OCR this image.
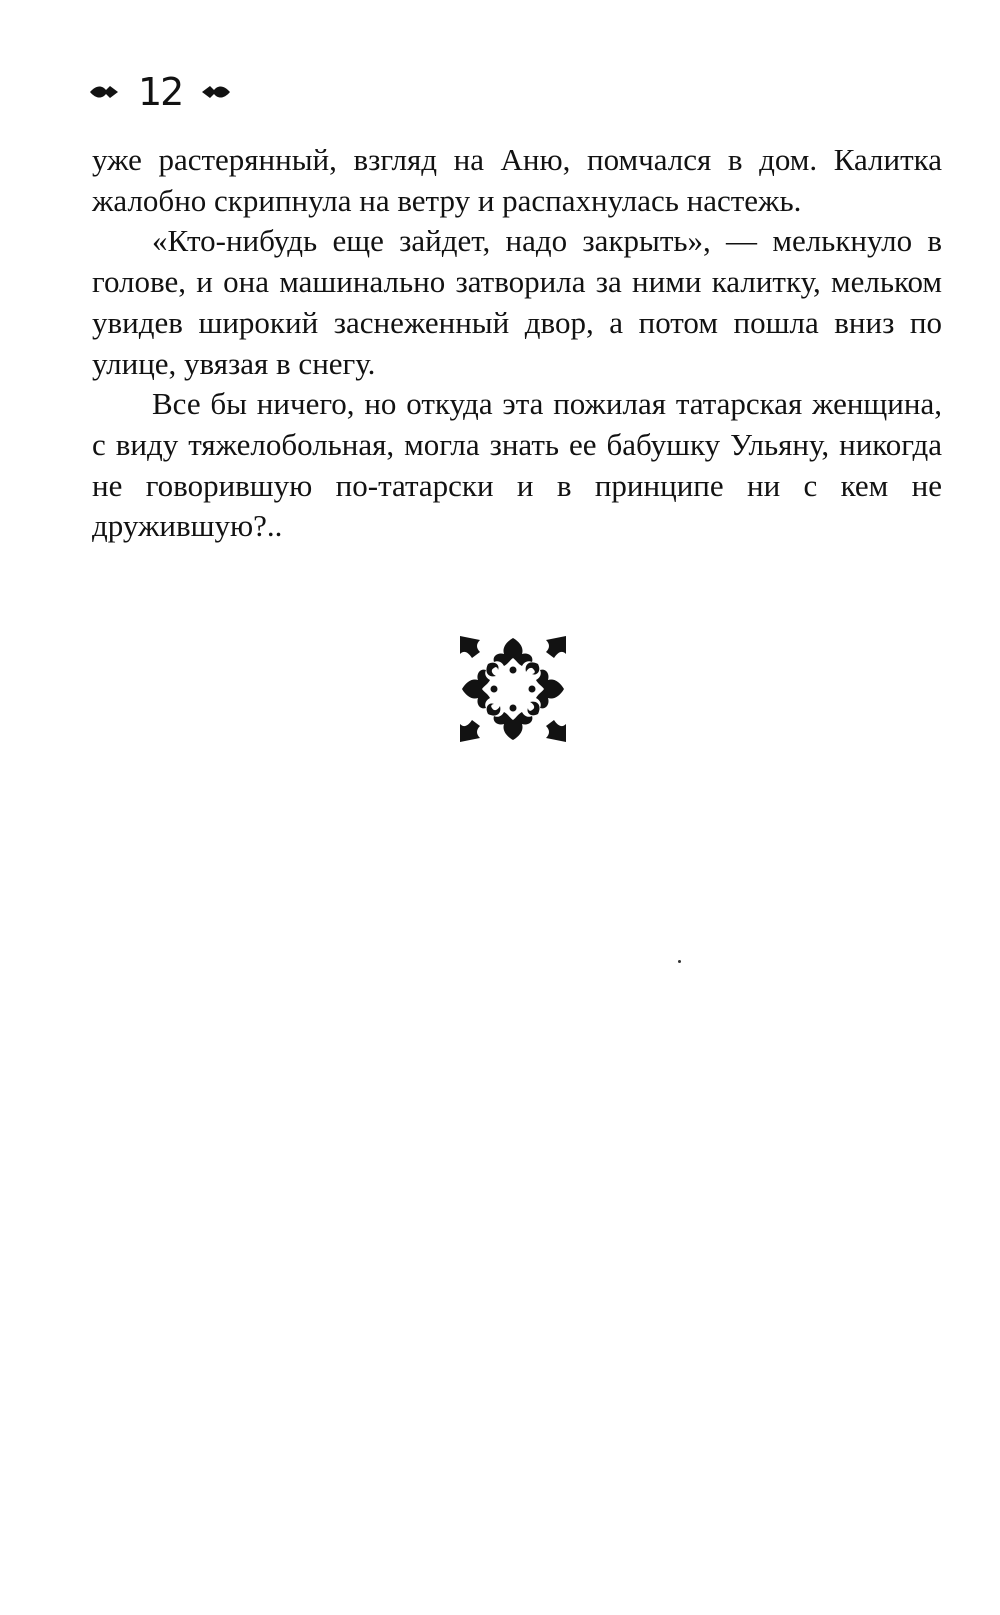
12

уже растерянный, взгляд на Аню, помчался в дом. Калитка жалобно скрипнула на ветру и распахнулась настежь.

«Кто-нибудь еще зайдет, надо закрыть», — мелькнуло в голове, и она машинально затворила за ними калитку, мельком увидев широкий заснеженный двор, а потом пошла вниз по улице, увязая в снегу.

Все бы ничего, но откуда эта пожилая татарская женщина, с виду тяжелобольная, могла знать ее бабушку Ульяну, никогда не говорившую по-татарски и в принципе ни с кем не дружившую?..
